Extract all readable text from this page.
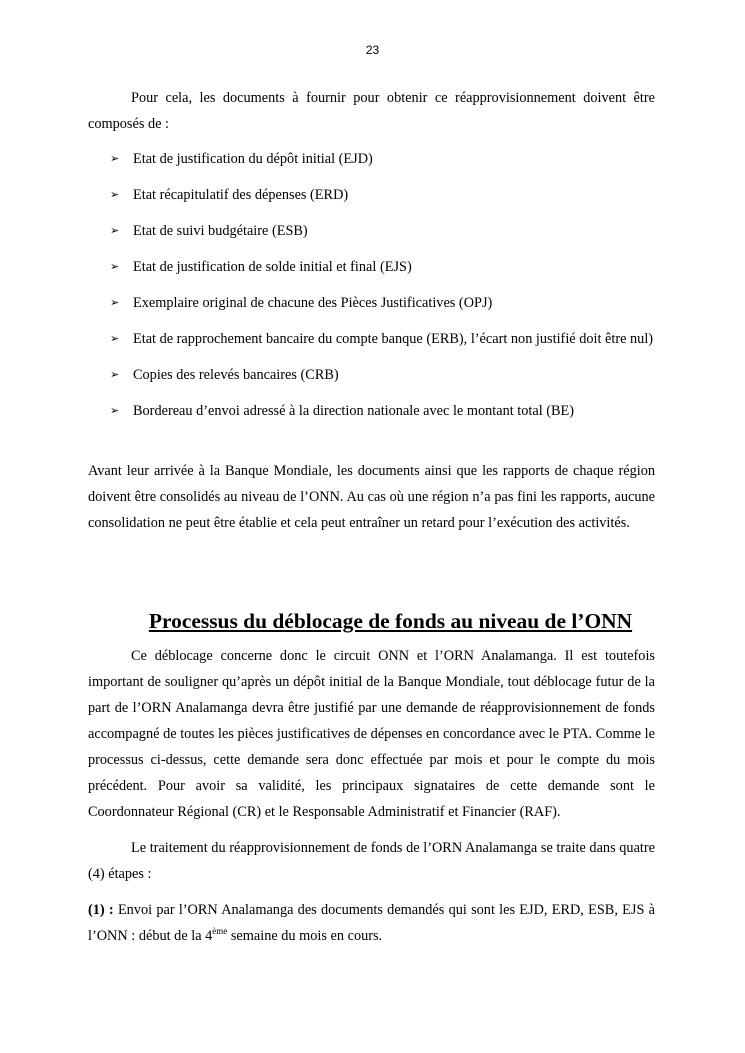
23

Pour cela, les documents à fournir pour obtenir ce réapprovisionnement doivent être composés de :

➢ Etat de justification du dépôt initial (EJD)
➢ Etat récapitulatif des dépenses (ERD)
➢ Etat de suivi budgétaire (ESB)
➢ Etat de justification de solde initial et final (EJS)
➢ Exemplaire original de chacune des Pièces Justificatives (OPJ)
➢ Etat de rapprochement bancaire du compte banque (ERB), l’écart non justifié doit être nul)
➢ Copies des relevés bancaires (CRB)
➢ Bordereau d’envoi adressé à la direction nationale avec le montant total (BE)

Avant leur arrivée à la Banque Mondiale, les documents ainsi que les rapports de chaque région doivent être consolidés au niveau de l’ONN. Au cas où une région n’a pas fini les rapports, aucune consolidation ne peut être établie et cela peut entraîner un retard pour l’exécution des activités.

Processus du déblocage de fonds au niveau de l’ONN

Ce déblocage concerne donc le circuit ONN et l’ORN Analamanga. Il est toutefois important de souligner qu’après un dépôt initial de la Banque Mondiale, tout déblocage futur de la part de l’ORN Analamanga devra être justifié par une demande de réapprovisionnement de fonds accompagné de toutes les pièces justificatives de dépenses en concordance avec le PTA. Comme le processus ci-dessus, cette demande sera donc effectuée par mois et pour le compte du mois précédent. Pour avoir sa validité, les principaux signataires de cette demande sont le Coordonnateur Régional (CR) et le Responsable Administratif et Financier (RAF).

Le traitement du réapprovisionnement de fonds de l’ORN Analamanga se traite dans quatre (4) étapes :

(1) : Envoi par l’ORN Analamanga des documents demandés qui sont les EJD, ERD, ESB, EJS à l’ONN : début de la 4ème semaine du mois en cours.
